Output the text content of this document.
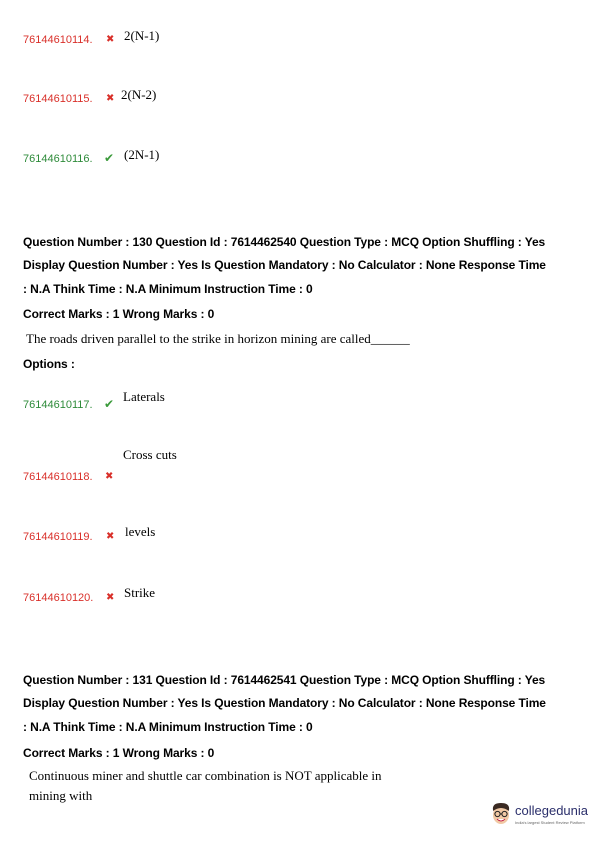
76144610114. ✖ 2(N-1)
76144610115. ✖ 2(N-2)
76144610116. ✔ (2N-1)
Question Number : 130 Question Id : 7614462540 Question Type : MCQ Option Shuffling : Yes
Display Question Number : Yes Is Question Mandatory : No Calculator : None Response Time
: N.A Think Time : N.A Minimum Instruction Time : 0
Correct Marks : 1 Wrong Marks : 0
The roads driven parallel to the strike in horizon mining are called______
Options :
76144610117. ✔ Laterals
Cross cuts
76144610118. ✖
76144610119. ✖ levels
76144610120. ✖ Strike
Question Number : 131 Question Id : 7614462541 Question Type : MCQ Option Shuffling : Yes
Display Question Number : Yes Is Question Mandatory : No Calculator : None Response Time
: N.A Think Time : N.A Minimum Instruction Time : 0
Correct Marks : 1 Wrong Marks : 0
Continuous miner and shuttle car combination is NOT applicable in
mining with
collegedunia
India's largest Student Review Platform
